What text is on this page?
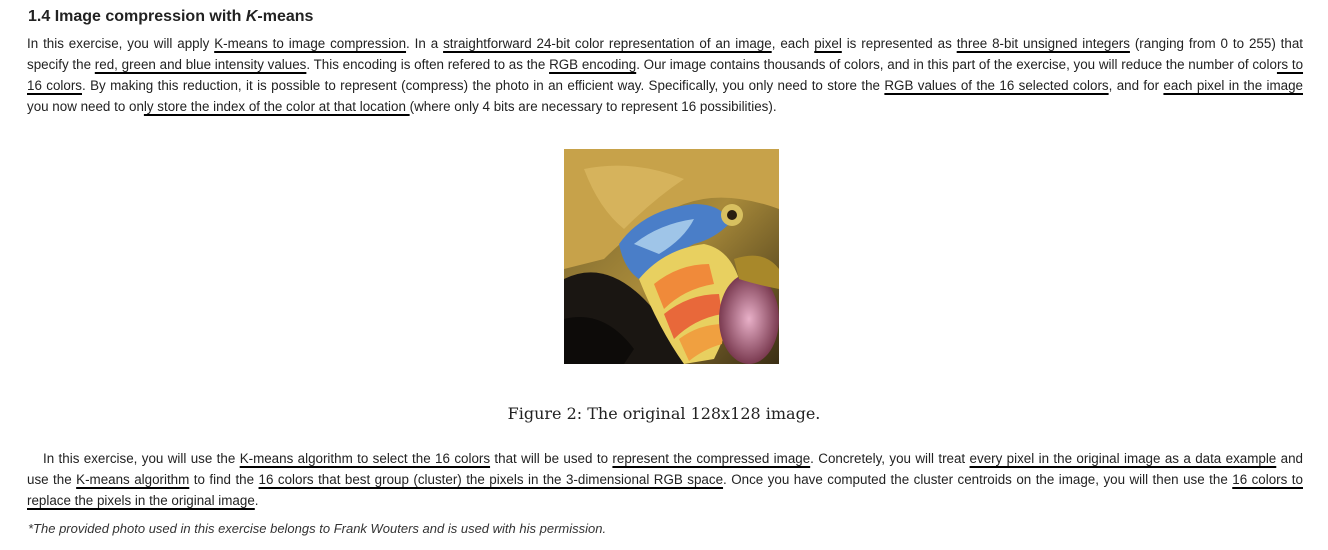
1.4 Image compression with K-means
In this exercise, you will apply K-means to image compression. In a straightforward 24-bit color representation of an image, each pixel is represented as three 8-bit unsigned integers (ranging from 0 to 255) that specify the red, green and blue intensity values. This encoding is often refered to as the RGB encoding. Our image contains thousands of colors, and in this part of the exercise, you will reduce the number of colors to 16 colors. By making this reduction, it is possible to represent (compress) the photo in an efficient way. Specifically, you only need to store the RGB values of the 16 selected colors, and for each pixel in the image you now need to only store the index of the color at that location (where only 4 bits are necessary to represent 16 possibilities).
Figure 2: The original 128x128 image.
In this exercise, you will use the K-means algorithm to select the 16 colors that will be used to represent the compressed image. Concretely, you will treat every pixel in the original image as a data example and use the K-means algorithm to find the 16 colors that best group (cluster) the pixels in the 3-dimensional RGB space. Once you have computed the cluster centroids on the image, you will then use the 16 colors to replace the pixels in the original image.
*The provided photo used in this exercise belongs to Frank Wouters and is used with his permission.
